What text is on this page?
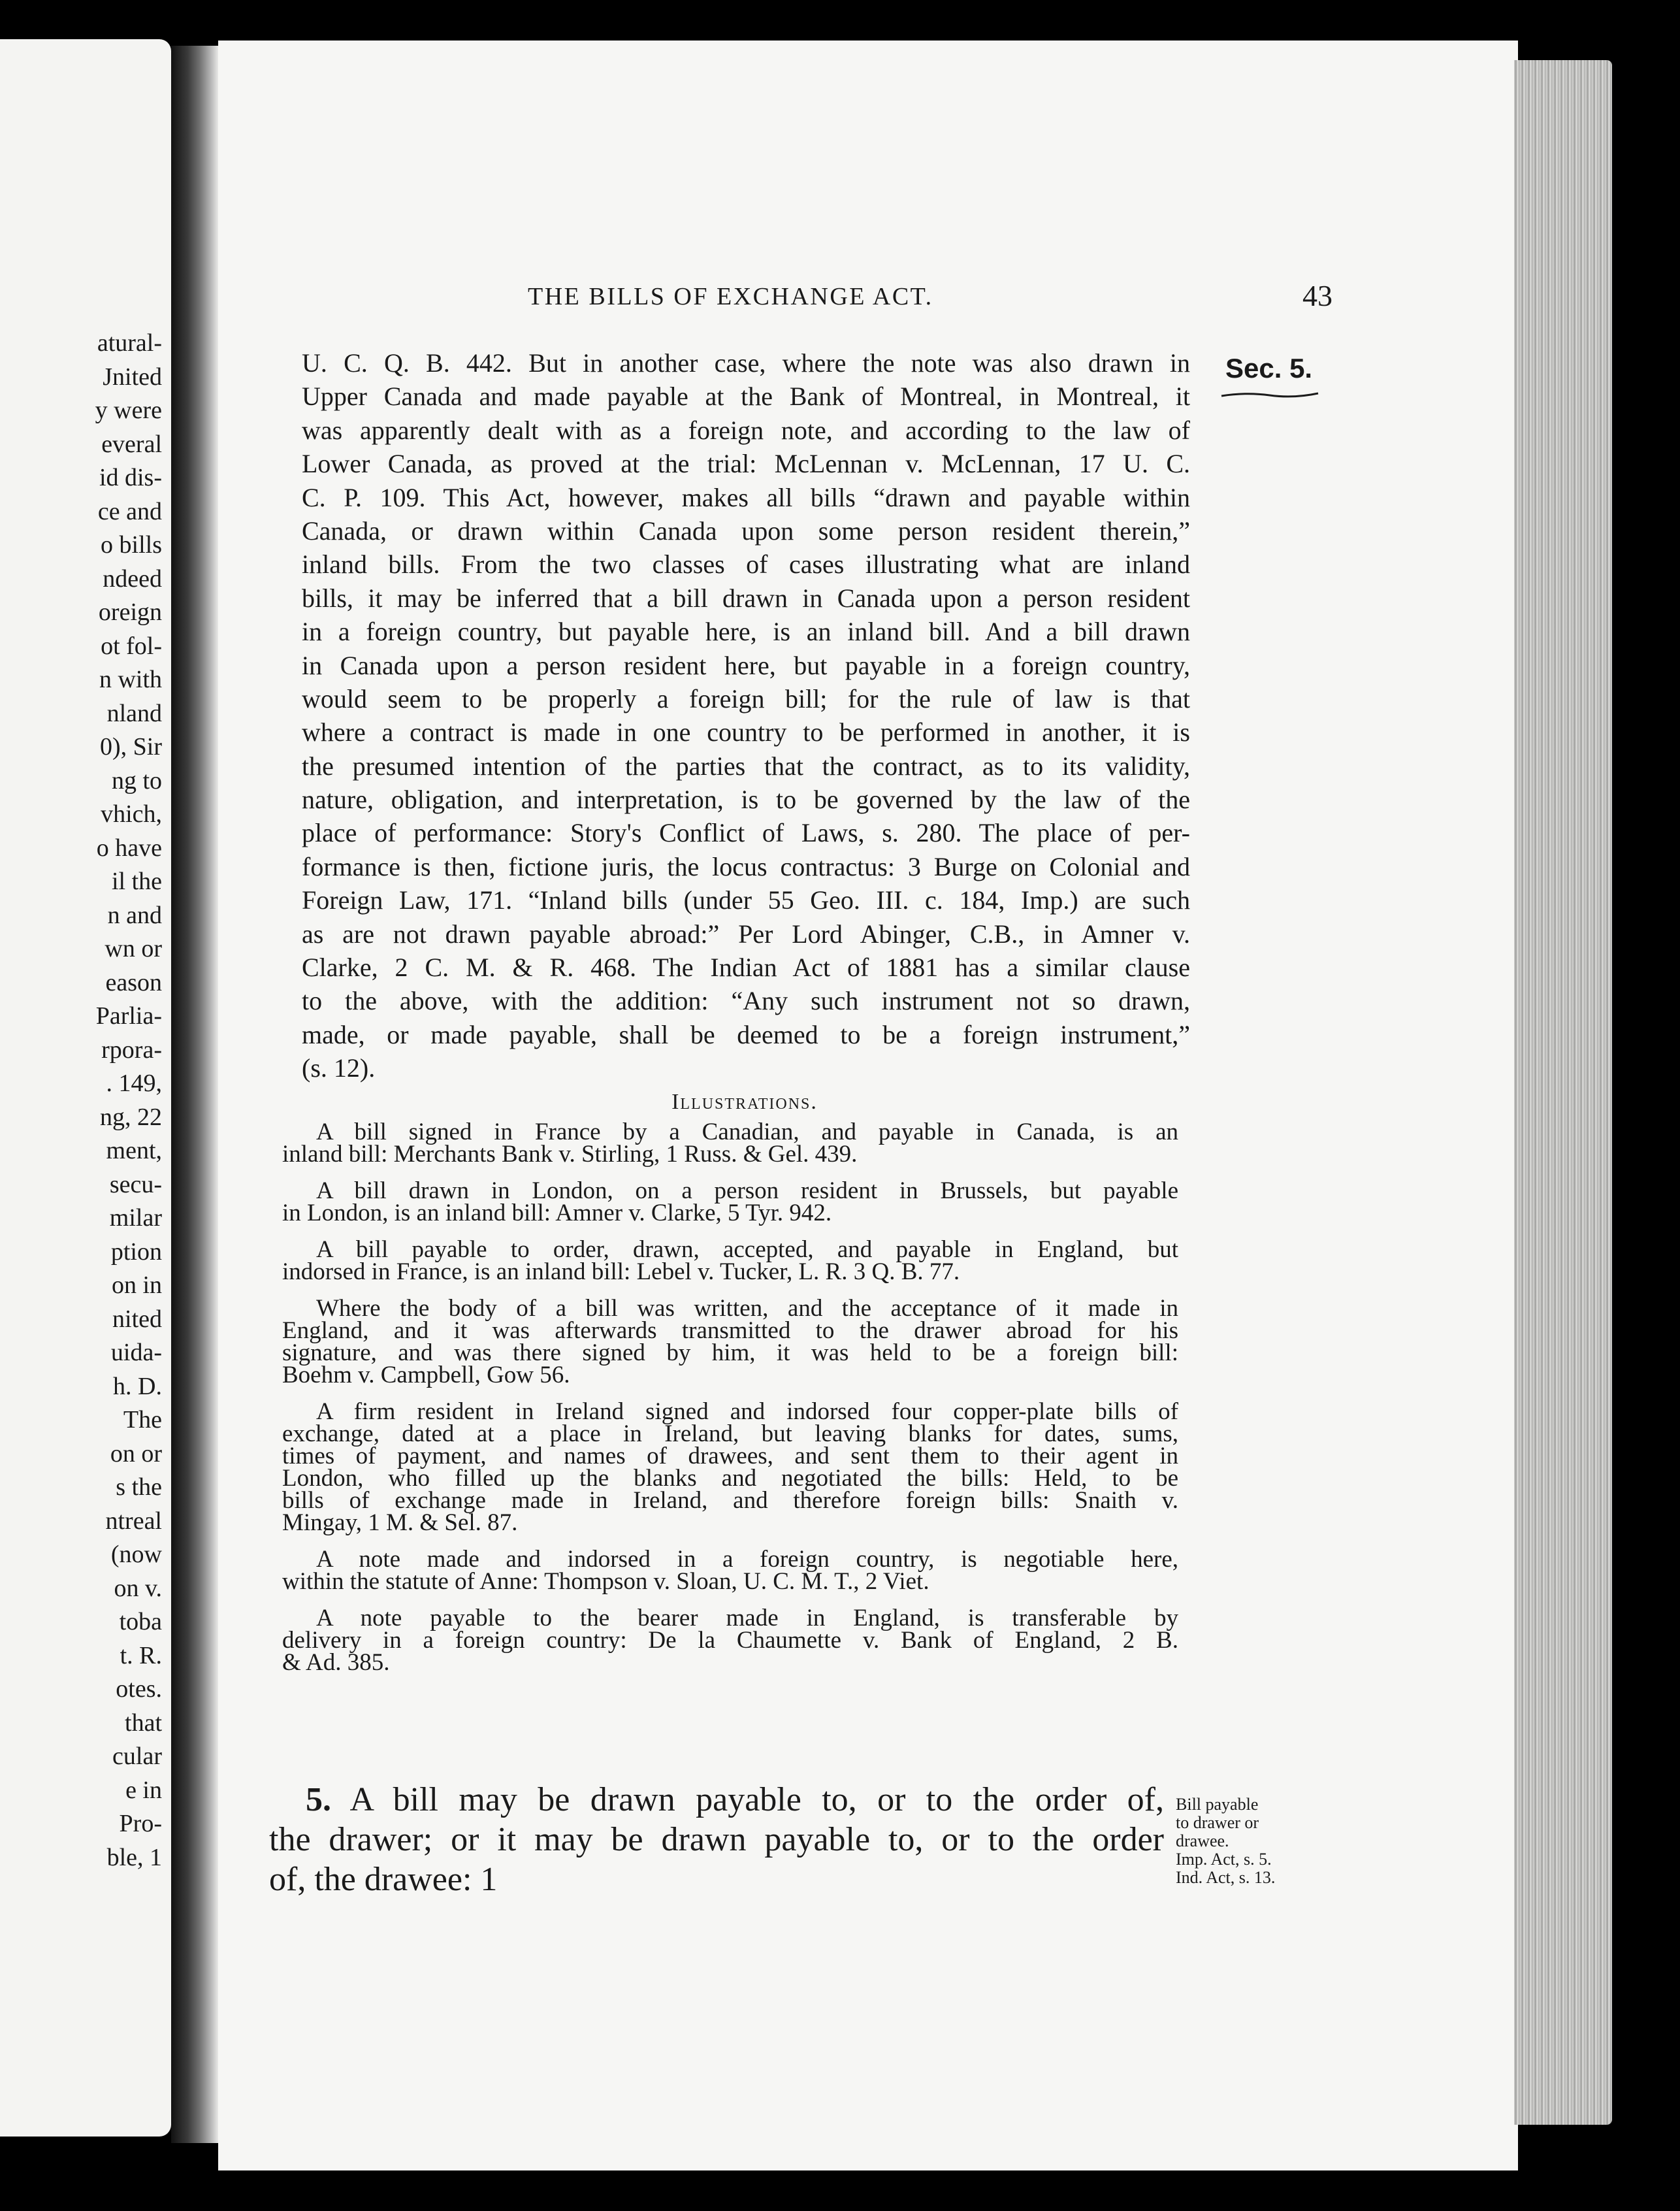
atural-
Jnited
y were
everal
id dis-
ce and
o bills
ndeed
oreign
ot fol-
n with
nland
0), Sir
ng to
vhich,
o have
il the
n and
wn or
eason
Parlia-
rpora-
. 149,
ng, 22
ment,
secu-
milar
ption
on in
nited
uida-
h. D.
The
on or
s the
ntreal
(now
on v.
toba
t. R.
otes.
that
cular
e in
Pro-
ble, 1
THE BILLS OF EXCHANGE ACT.	43
Sec. 5.
U. C. Q. B. 442. But in another case, where the note was also drawn in
Upper Canada and made payable at the Bank of Montreal, in Montreal, it
was apparently dealt with as a foreign note, and according to the law of
Lower Canada, as proved at the trial: McLennan v. McLennan, 17 U. C.
C. P. 109. This Act, however, makes all bills “drawn and payable within
Canada, or drawn within Canada upon some person resident therein,”
inland bills. From the two classes of cases illustrating what are inland
bills, it may be inferred that a bill drawn in Canada upon a person resident
in a foreign country, but payable here, is an inland bill. And a bill drawn
in Canada upon a person resident here, but payable in a foreign country,
would seem to be properly a foreign bill; for the rule of law is that
where a contract is made in one country to be performed in another, it is
the presumed intention of the parties that the contract, as to its validity,
nature, obligation, and interpretation, is to be governed by the law of the
place of performance: Story's Conflict of Laws, s. 280. The place of per-
formance is then, fictione juris, the locus contractus: 3 Burge on Colonial and
Foreign Law, 171. “Inland bills (under 55 Geo. III. c. 184, Imp.) are such
as are not drawn payable abroad:” Per Lord Abinger, C.B., in Amner v.
Clarke, 2 C. M. & R. 468. The Indian Act of 1881 has a similar clause
to the above, with the addition: “Any such instrument not so drawn,
made, or made payable, shall be deemed to be a foreign instrument,”
(s. 12).
Illustrations.
A bill signed in France by a Canadian, and payable in Canada, is an
inland bill: Merchants Bank v. Stirling, 1 Russ. & Gel. 439.
A bill drawn in London, on a person resident in Brussels, but payable
in London, is an inland bill: Amner v. Clarke, 5 Tyr. 942.
A bill payable to order, drawn, accepted, and payable in England, but
indorsed in France, is an inland bill: Lebel v. Tucker, L. R. 3 Q. B. 77.
Where the body of a bill was written, and the acceptance of it made in
England, and it was afterwards transmitted to the drawer abroad for his
signature, and was there signed by him, it was held to be a foreign bill:
Boehm v. Campbell, Gow 56.
A firm resident in Ireland signed and indorsed four copper-plate bills of
exchange, dated at a place in Ireland, but leaving blanks for dates, sums,
times of payment, and names of drawees, and sent them to their agent in
London, who filled up the blanks and negotiated the bills: Held, to be
bills of exchange made in Ireland, and therefore foreign bills: Snaith v.
Mingay, 1 M. & Sel. 87.
A note made and indorsed in a foreign country, is negotiable here,
within the statute of Anne: Thompson v. Sloan, U. C. M. T., 2 Viet.
A note payable to the bearer made in England, is transferable by
delivery in a foreign country: De la Chaumette v. Bank of England, 2 B.
& Ad. 385.
5. A bill may be drawn payable to, or to the order of,
the drawer; or it may be drawn payable to, or to the order
of, the drawee: 1
Bill payable
to drawer or
drawee.
Imp. Act, s. 5.
Ind. Act, s. 13.
